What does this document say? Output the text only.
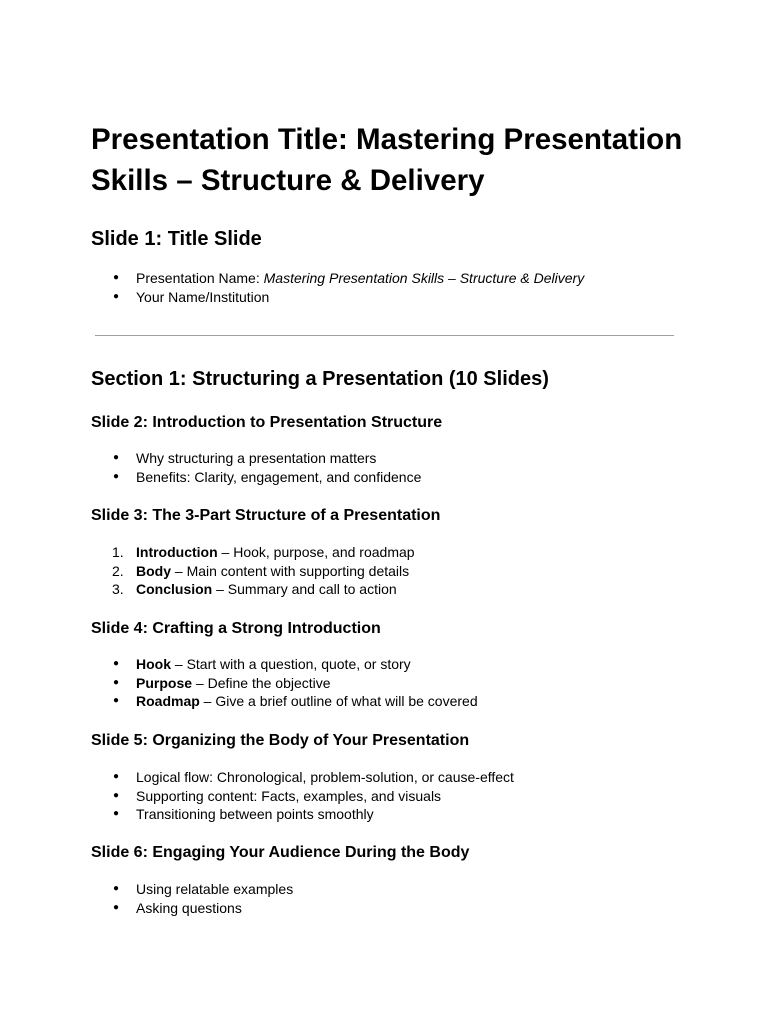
Presentation Title: Mastering Presentation Skills – Structure & Delivery
Slide 1: Title Slide
● Presentation Name: Mastering Presentation Skills – Structure & Delivery
● Your Name/Institution
Section 1: Structuring a Presentation (10 Slides)
Slide 2: Introduction to Presentation Structure
● Why structuring a presentation matters
● Benefits: Clarity, engagement, and confidence
Slide 3: The 3-Part Structure of a Presentation
1. Introduction – Hook, purpose, and roadmap
2. Body – Main content with supporting details
3. Conclusion – Summary and call to action
Slide 4: Crafting a Strong Introduction
● Hook – Start with a question, quote, or story
● Purpose – Define the objective
● Roadmap – Give a brief outline of what will be covered
Slide 5: Organizing the Body of Your Presentation
● Logical flow: Chronological, problem-solution, or cause-effect
● Supporting content: Facts, examples, and visuals
● Transitioning between points smoothly
Slide 6: Engaging Your Audience During the Body
● Using relatable examples
● Asking questions
